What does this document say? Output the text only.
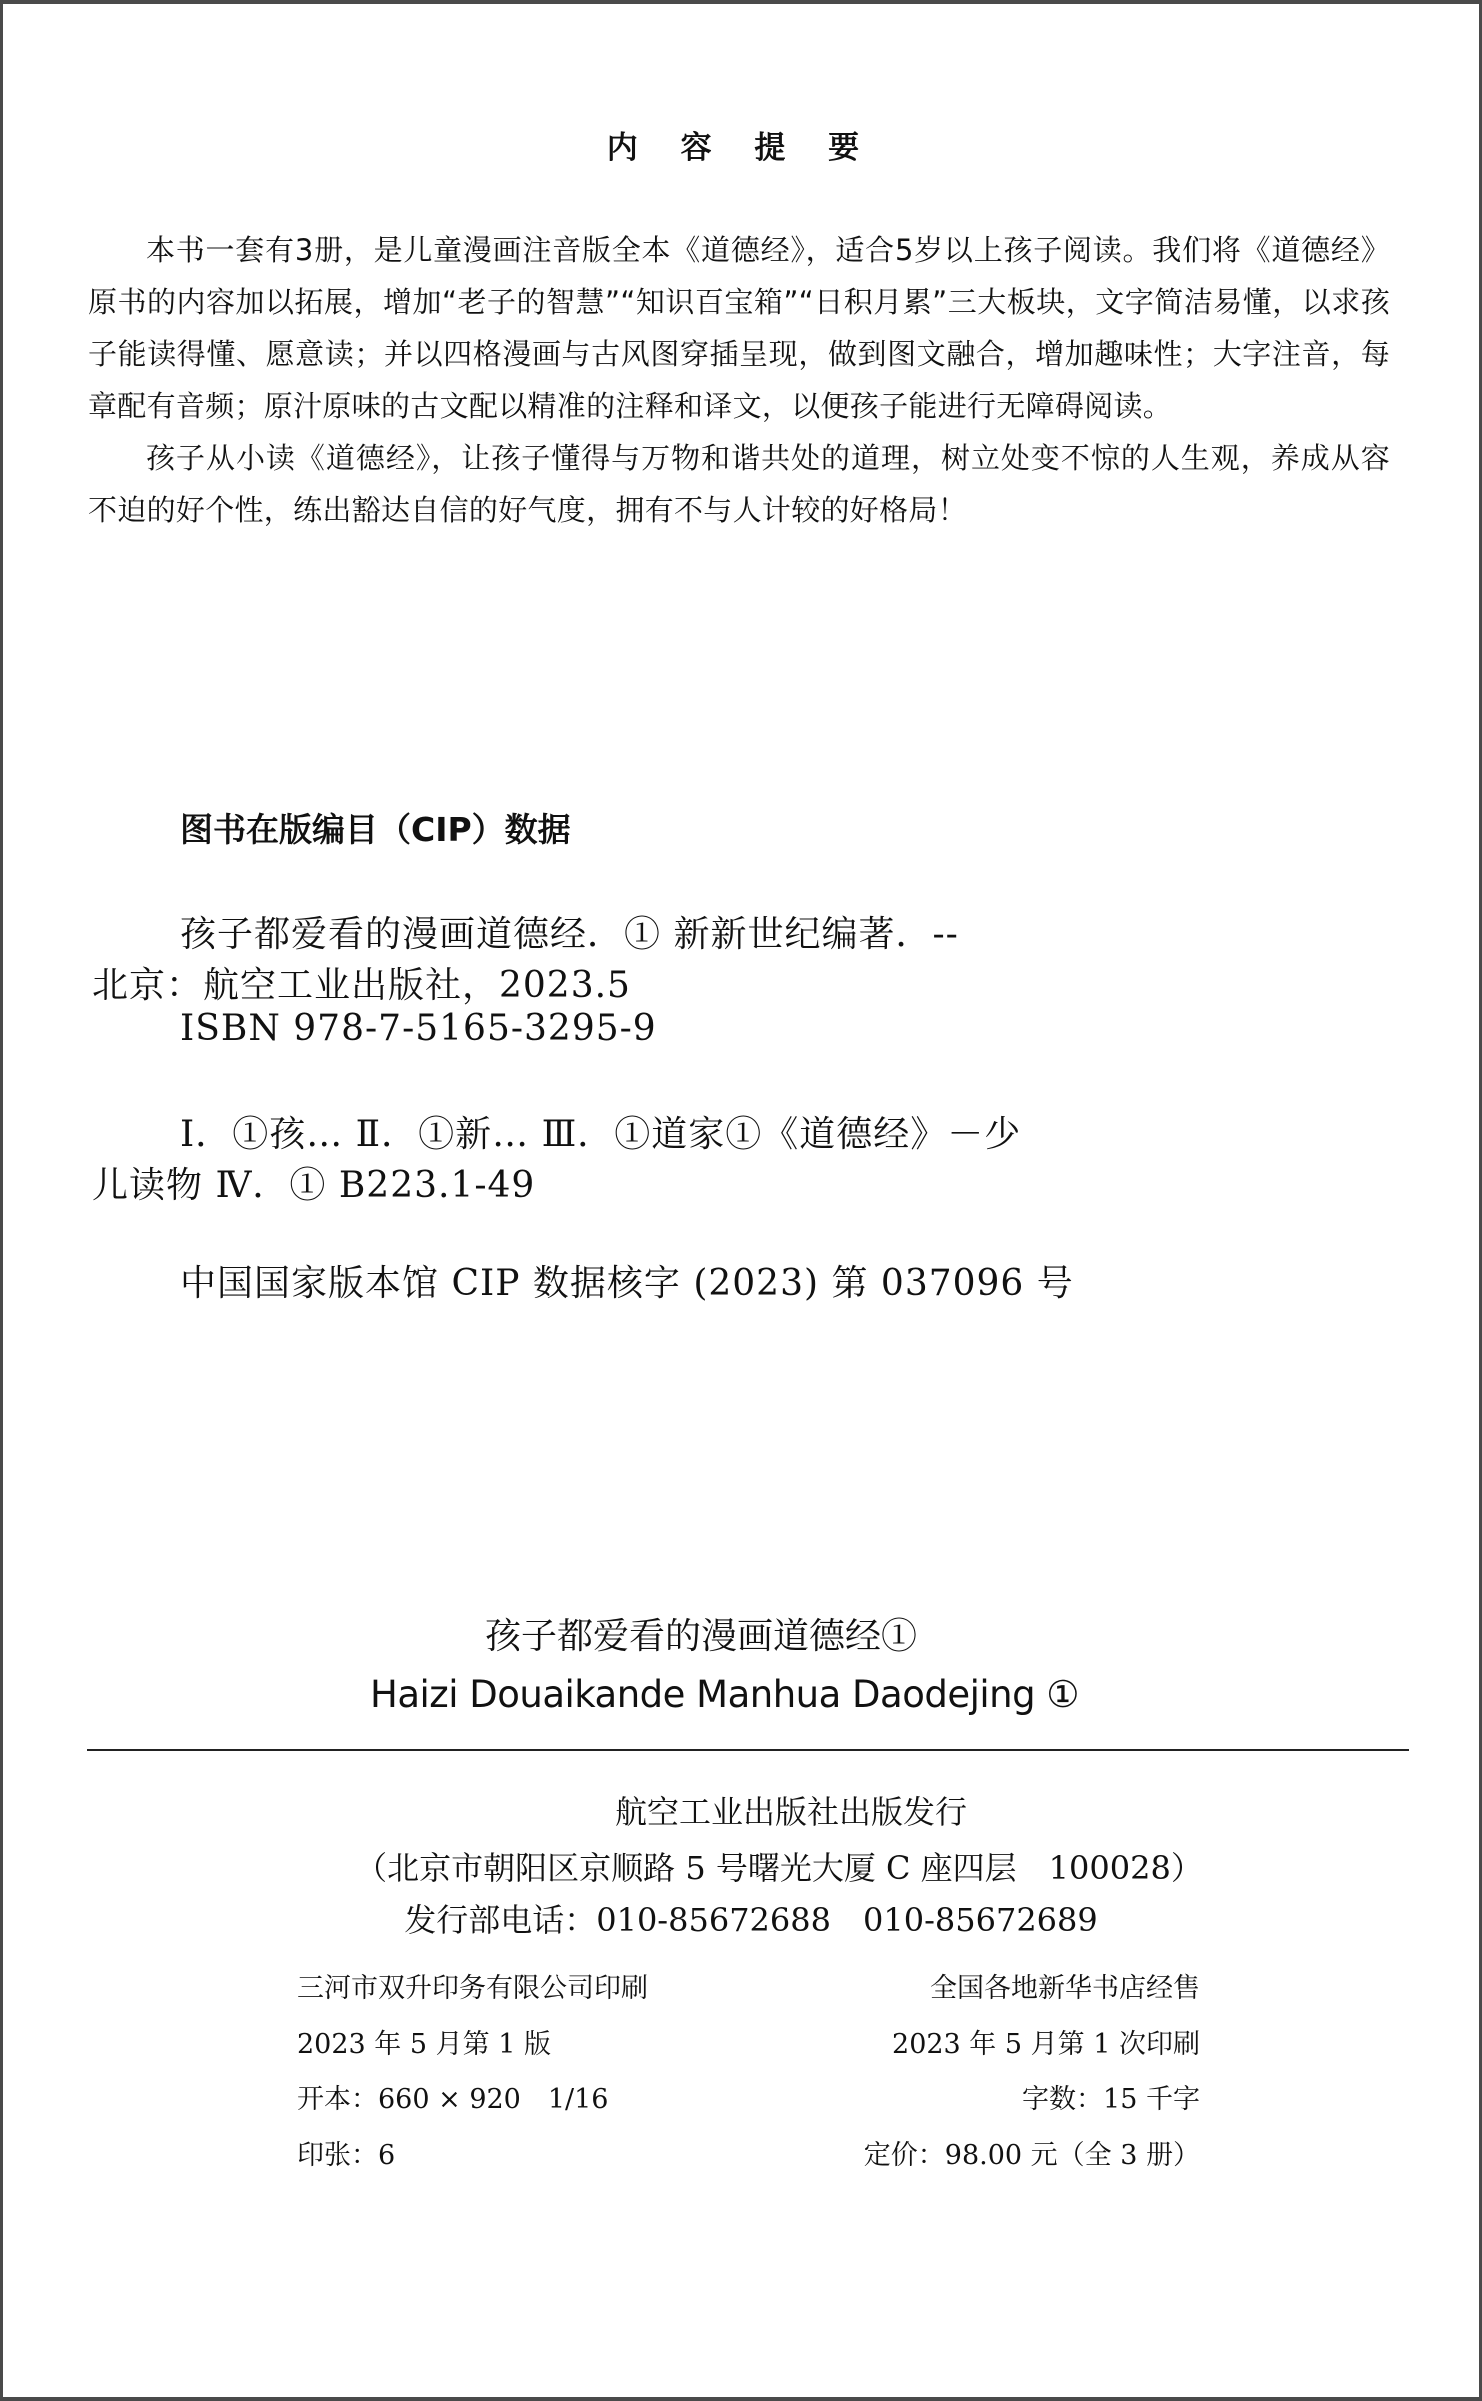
内 容 提 要

本书一套有3册，是儿童漫画注音版全本《道德经》，适合5岁以上孩子阅读。我们将《道德经》原书的内容加以拓展，增加“老子的智慧”“知识百宝箱”“日积月累”三大板块，文字简洁易懂，以求孩子能读得懂、愿意读；并以四格漫画与古风图穿插呈现，做到图文融合，增加趣味性；大字注音，每章配有音频；原汁原味的古文配以精准的注释和译文，以便孩子能进行无障碍阅读。

孩子从小读《道德经》，让孩子懂得与万物和谐共处的道理，树立处变不惊的人生观，养成从容不迫的好个性，练出豁达自信的好气度，拥有不与人计较的好格局！

图书在版编目（CIP）数据
孩子都爱看的漫画道德经．① 新新世纪编著．--
北京：航空工业出版社，2023.5
ISBN 978-7-5165-3295-9
Ⅰ．①孩… Ⅱ．①新… Ⅲ．①道家①《道德经》－少
儿读物 Ⅳ．① B223.1-49
中国国家版本馆 CIP 数据核字 (2023) 第 037096 号
孩子都爱看的漫画道德经①
Haizi Douaikande Manhua Daodejing ①
航空工业出版社出版发行
（北京市朝阳区京顺路 5 号曙光大厦 C 座四层　100028）
发行部电话：010-85672688　010-85672689
三河市双升印务有限公司印刷
2023 年 5 月第 1 版
开本：660 × 920　1/16
印张：6
全国各地新华书店经售
2023 年 5 月第 1 次印刷
字数：15 千字
定价：98.00 元（全 3 册）
